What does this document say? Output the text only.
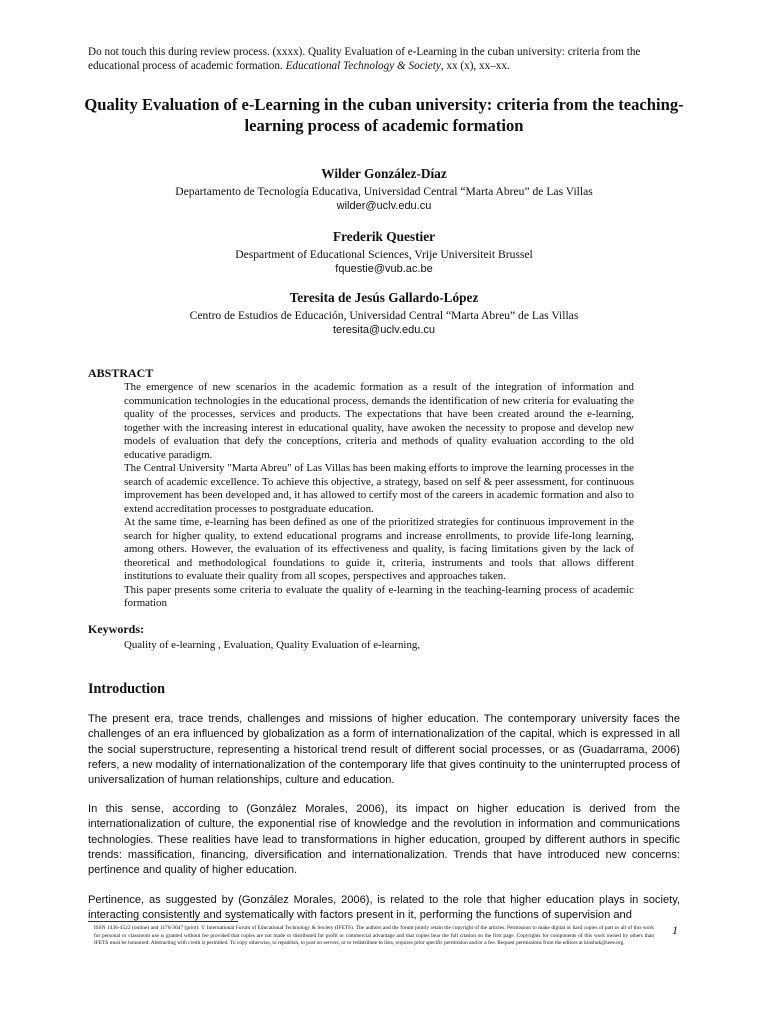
Do not touch this during review process. (xxxx). Quality Evaluation of e-Learning in the cuban university: criteria from the educational process of academic formation. Educational Technology & Society, xx (x), xx–xx.
Quality Evaluation of e-Learning in the cuban university: criteria from the teaching-learning process of academic formation
Wilder González-Díaz
Departamento de Tecnología Educativa, Universidad Central “Marta Abreu” de Las Villas
wilder@uclv.edu.cu
Frederik Questier
Despartment of Educational Sciences, Vrije Universiteit Brussel
fquestie@vub.ac.be
Teresita de Jesús Gallardo-López
Centro de Estudios de Educación, Universidad Central “Marta Abreu” de Las Villas
teresita@uclv.edu.cu
ABSTRACT

The emergence of new scenarios in the academic formation as a result of the integration of information and communication technologies in the educational process, demands the identification of new criteria for evaluating the quality of the processes, services and products. The expectations that have been created around the e-learning, together with the increasing interest in educational quality, have awoken the necessity to propose and develop new models of evaluation that defy the conceptions, criteria and methods of quality evaluation according to the old educative paradigm.

The Central University "Marta Abreu" of Las Villas has been making efforts to improve the learning processes in the search of academic excellence. To achieve this objective, a strategy, based on self & peer assessment, for continuous improvement has been developed and, it has allowed to certify most of the careers in academic formation and also to extend accreditation processes to postgraduate education.

At the same time, e-learning has been defined as one of the prioritized strategies for continuous improvement in the search for higher quality, to extend educational programs and increase enrollments, to provide life-long learning, among others. However, the evaluation of its effectiveness and quality, is facing limitations given by the lack of theoretical and methodological foundations to guide it, criteria, instruments and tools that allows different institutions to evaluate their quality from all scopes, perspectives and approaches taken.

This paper presents some criteria to evaluate the quality of e-learning in the teaching-learning process of academic formation

Keywords:
Quality of e-learning , Evaluation, Quality Evaluation of e-learning,
Introduction
The present era, trace trends, challenges and missions of higher education. The contemporary university faces the challenges of an era influenced by globalization as a form of internationalization of the capital, which is expressed in all the social superstructure, representing a historical trend result of different social processes, or as (Guadarrama, 2006) refers, a new modality of internationalization of the contemporary life that gives continuity to the uninterrupted process of universalization of human relationships, culture and education.
In this sense, according to (González Morales, 2006), its impact on higher education is derived from the internationalization of culture, the exponential rise of knowledge and the revolution in information and communications technologies. These realities have lead to transformations in higher education, grouped by different authors in specific trends: massification, financing, diversification and internationalization. Trends that have introduced new concerns: pertinence and quality of higher education.
Pertinence, as suggested by (González Morales, 2006), is related to the role that higher education plays in society, interacting consistently and systematically with factors present in it, performing the functions of supervision and
ISSN 1436-4522 (online) and 1176-3647 (print). © International Forum of Educational Technology & Society (IFETS). The authors and the forum jointly retain the copyright of the articles. Permission to make digital or hard copies of part or all of this work for personal or classroom use is granted without fee provided that copies are not made or distributed for profit or commercial advantage and that copies bear the full citation on the first page. Copyrights for components of this work owned by others than IFETS must be honoured. Abstracting with credit is permitted. To copy otherwise, to republish, to post on servers, or to redistribute to lists, requires prior specific permission and/or a fee. Request permissions from the editors at kinshuk@ieee.org.
1
